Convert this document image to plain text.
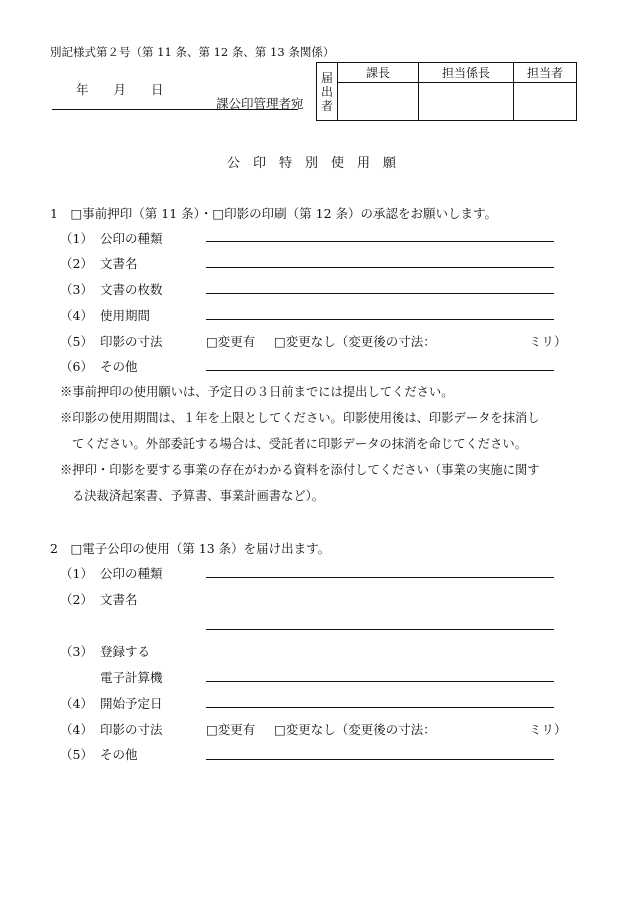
別記様式第２号（第 11 条、第 12 条、第 13 条関係）
年　　月　　日
課公印管理者宛
届
出
者	課長	担当係長	担当者

公　印　特　別　使　用　願
1　□事前押印（第 11 条）・□印影の印刷（第 12 条）の承認をお願いします。
（1） 公印の種類
（2） 文書名
（3） 文書の枚数
（4） 使用期間
（5） 印影の寸法	□変更有 □変更なし（変更後の寸法：	ミリ）
（6） その他
※事前押印の使用願いは、予定日の３日前までには提出してください。
※印影の使用期間は、１年を上限としてください。印影使用後は、印影データを抹消し
てください。外部委託する場合は、受託者に印影データの抹消を命じてください。
※押印・印影を要する事業の存在がわかる資料を添付してください（事業の実施に関す
る決裁済起案書、予算書、事業計画書など）。
2　□電子公印の使用（第 13 条）を届け出ます。
（1） 公印の種類
（2） 文書名
（3） 登録する
電子計算機
（4） 開始予定日
（4） 印影の寸法	□変更有 □変更なし（変更後の寸法：	ミリ）
（5） その他
